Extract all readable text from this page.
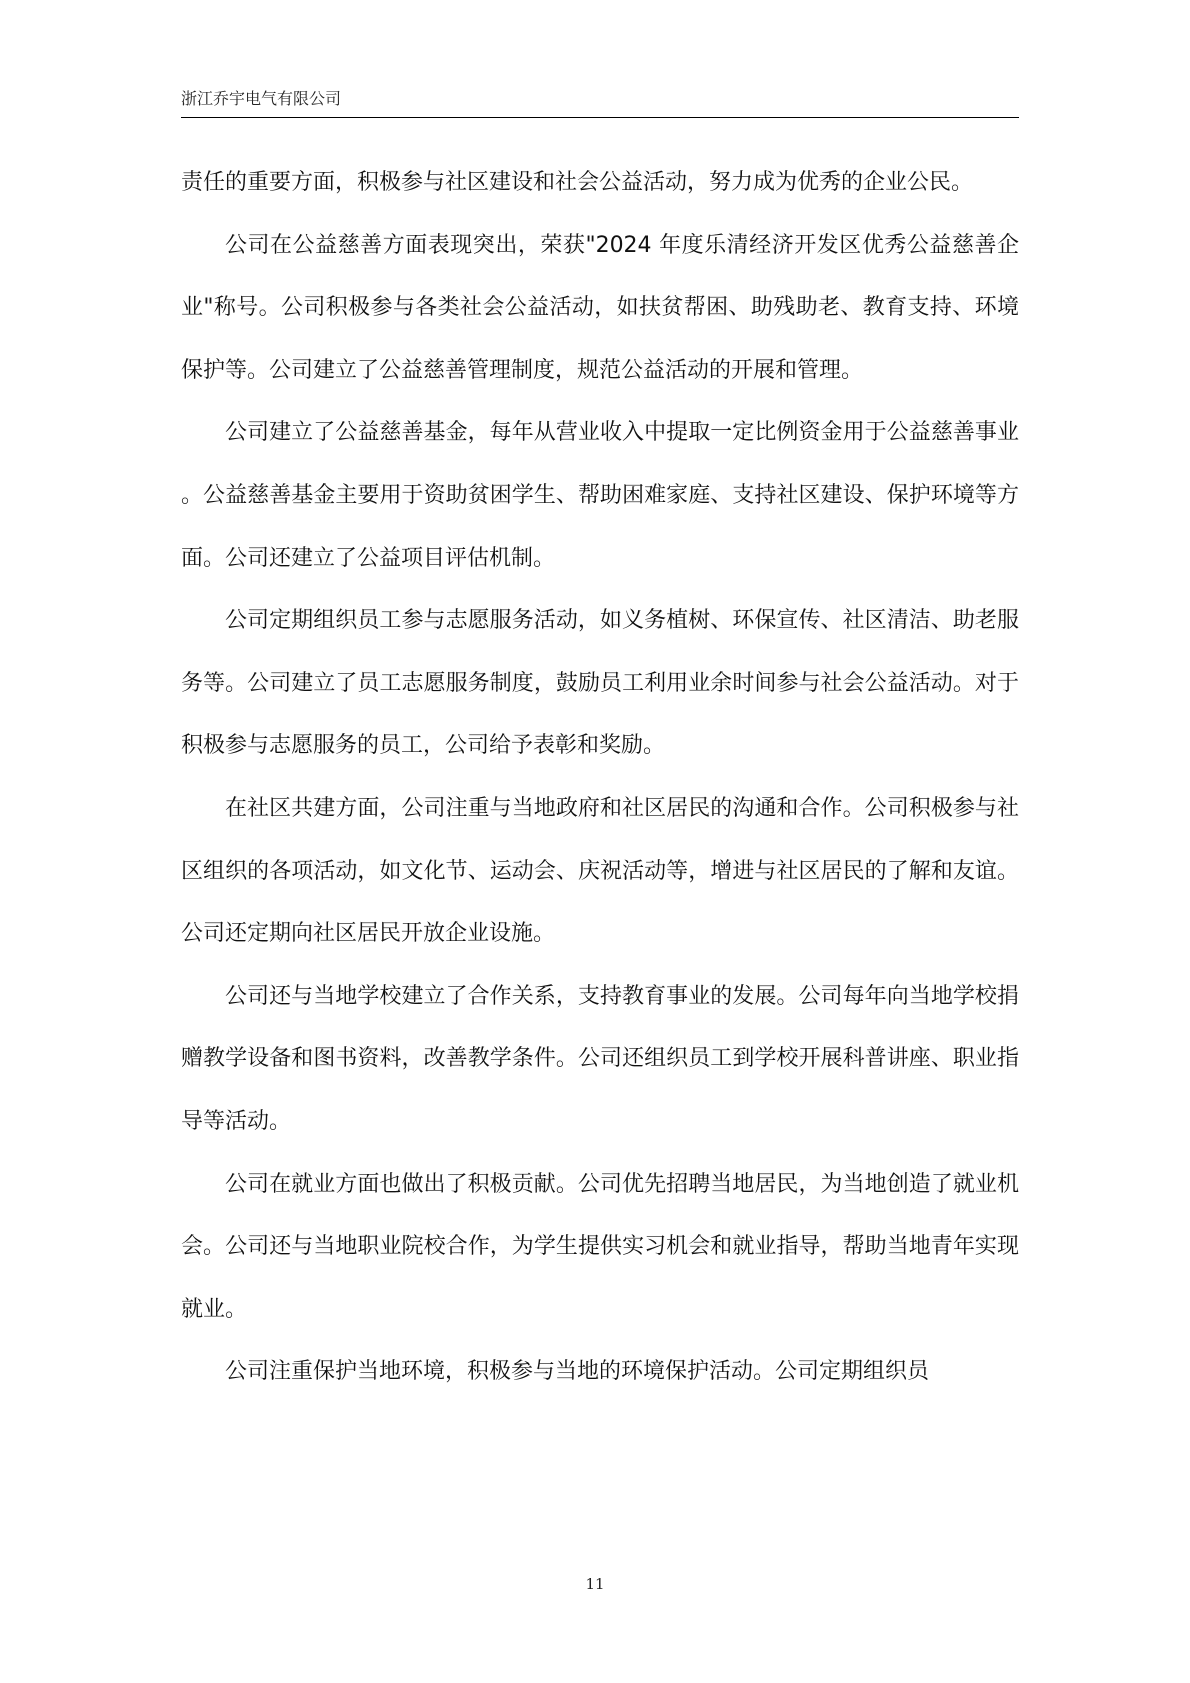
浙江乔宇电气有限公司

责任的重要方面，积极参与社区建设和社会公益活动，努力成为优秀的企业公民。

公司在公益慈善方面表现突出，荣获"2024 年度乐清经济开发区优秀公益慈善企业"称号。公司积极参与各类社会公益活动，如扶贫帮困、助残助老、教育支持、环境保护等。公司建立了公益慈善管理制度，规范公益活动的开展和管理。

公司建立了公益慈善基金，每年从营业收入中提取一定比例资金用于公益慈善事业。公益慈善基金主要用于资助贫困学生、帮助困难家庭、支持社区建设、保护环境等方面。公司还建立了公益项目评估机制。

公司定期组织员工参与志愿服务活动，如义务植树、环保宣传、社区清洁、助老服务等。公司建立了员工志愿服务制度，鼓励员工利用业余时间参与社会公益活动。对于积极参与志愿服务的员工，公司给予表彰和奖励。

在社区共建方面，公司注重与当地政府和社区居民的沟通和合作。公司积极参与社区组织的各项活动，如文化节、运动会、庆祝活动等，增进与社区居民的了解和友谊。公司还定期向社区居民开放企业设施。

公司还与当地学校建立了合作关系，支持教育事业的发展。公司每年向当地学校捐赠教学设备和图书资料，改善教学条件。公司还组织员工到学校开展科普讲座、职业指导等活动。

公司在就业方面也做出了积极贡献。公司优先招聘当地居民，为当地创造了就业机会。公司还与当地职业院校合作，为学生提供实习机会和就业指导，帮助当地青年实现就业。

公司注重保护当地环境，积极参与当地的环境保护活动。公司定期组织员

11
